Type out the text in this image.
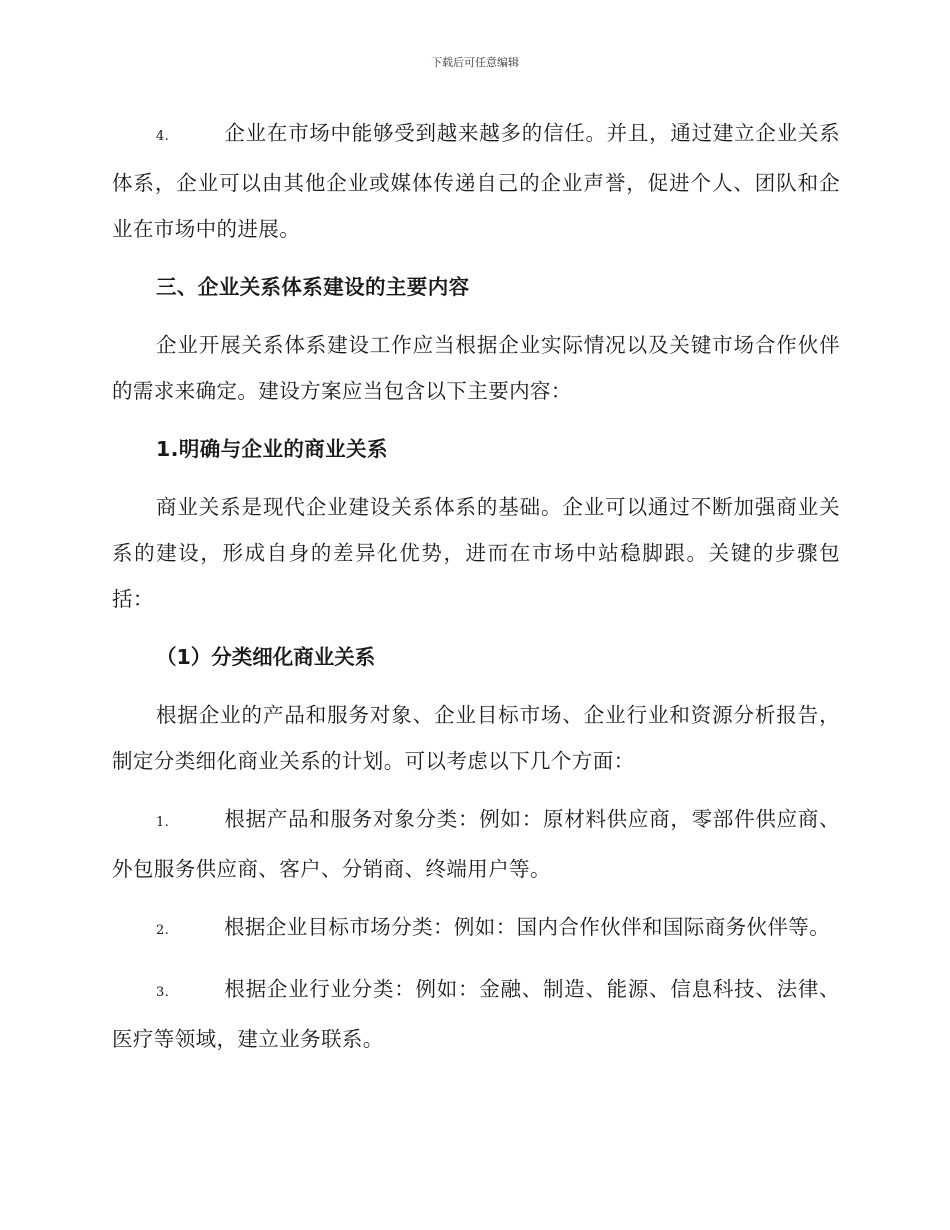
下载后可任意编辑

4.	企业在市场中能够受到越来越多的信任。并且，通过建立企业关系体系，企业可以由其他企业或媒体传递自己的企业声誉，促进个人、团队和企业在市场中的进展。

三、企业关系体系建设的主要内容

企业开展关系体系建设工作应当根据企业实际情况以及关键市场合作伙伴的需求来确定。建设方案应当包含以下主要内容：

1.明确与企业的商业关系

商业关系是现代企业建设关系体系的基础。企业可以通过不断加强商业关系的建设，形成自身的差异化优势，进而在市场中站稳脚跟。关键的步骤包括：

（1）分类细化商业关系

根据企业的产品和服务对象、企业目标市场、企业行业和资源分析报告，制定分类细化商业关系的计划。可以考虑以下几个方面：

1.	根据产品和服务对象分类：例如：原材料供应商，零部件供应商、外包服务供应商、客户、分销商、终端用户等。

2.	根据企业目标市场分类：例如：国内合作伙伴和国际商务伙伴等。

3.	根据企业行业分类：例如：金融、制造、能源、信息科技、法律、医疗等领域，建立业务联系。
